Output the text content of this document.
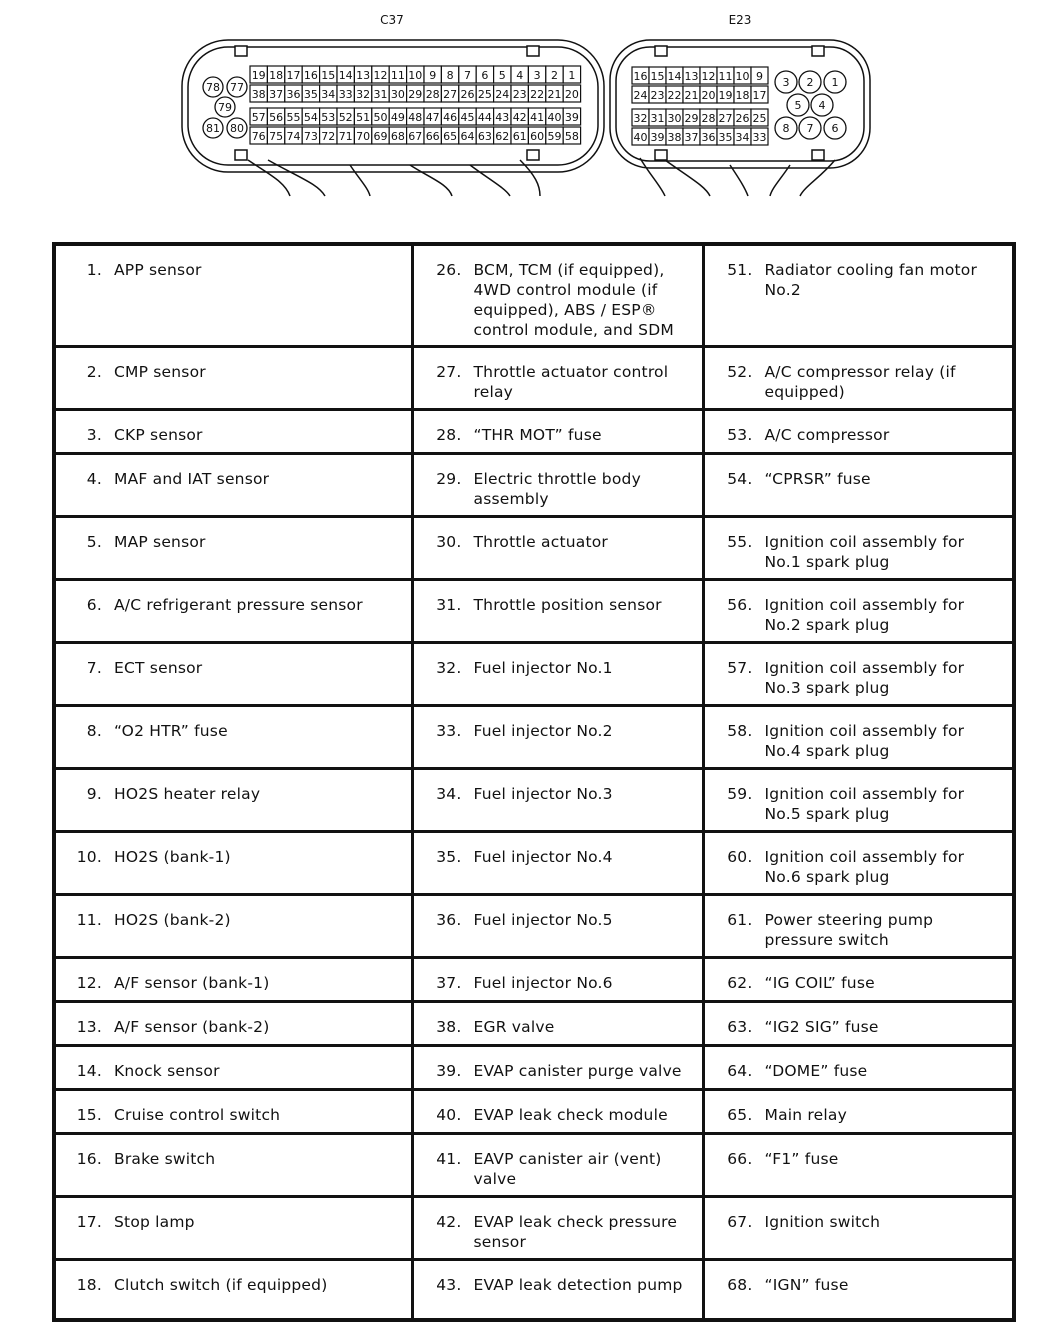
C37	E23
19 18 17 16 15 14 13 12 11 10 9 8 7 6 5 4 3 2 1
38 37 36 35 34 33 32 31 30 29 28 27 26 25 24 23 22 21 20
57 56 55 54 53 52 51 50 49 48 47 46 45 44 43 42 41 40 39
76 75 74 73 72 71 70 69 68 67 66 65 64 63 62 61 60 59 58
78 77
79
81 80
16 15 14 13 12 11 10 9
24 23 22 21 20 19 18 17
32 31 30 29 28 27 26 25
40 39 38 37 36 35 34 33
3 2 1
5 4
8 7 6
1. APP sensor	26. BCM, TCM (if equipped), 4WD control module (if equipped), ABS / ESP® control module, and SDM	51. Radiator cooling fan motor No.2

2. CMP sensor	27. Throttle actuator control relay	52. A/C compressor relay (if equipped)

3. CKP sensor	28. “THR MOT” fuse	53. A/C compressor

4. MAF and IAT sensor	29. Electric throttle body assembly	54. “CPRSR” fuse

5. MAP sensor	30. Throttle actuator	55. Ignition coil assembly for No.1 spark plug

6. A/C refrigerant pressure sensor	31. Throttle position sensor	56. Ignition coil assembly for No.2 spark plug

7. ECT sensor	32. Fuel injector No.1	57. Ignition coil assembly for No.3 spark plug

8. “O2 HTR” fuse	33. Fuel injector No.2	58. Ignition coil assembly for No.4 spark plug

9. HO2S heater relay	34. Fuel injector No.3	59. Ignition coil assembly for No.5 spark plug

10. HO2S (bank-1)	35. Fuel injector No.4	60. Ignition coil assembly for No.6 spark plug

11. HO2S (bank-2)	36. Fuel injector No.5	61. Power steering pump pressure switch

12. A/F sensor (bank-1)	37. Fuel injector No.6	62. “IG COIL” fuse

13. A/F sensor (bank-2)	38. EGR valve	63. “IG2 SIG” fuse

14. Knock sensor	39. EVAP canister purge valve	64. “DOME” fuse

15. Cruise control switch	40. EVAP leak check module	65. Main relay

16. Brake switch	41. EAVP canister air (vent) valve	66. “F1” fuse

17. Stop lamp	42. EVAP leak check pressure sensor	67. Ignition switch

18. Clutch switch (if equipped)	43. EVAP leak detection pump	68. “IGN” fuse
